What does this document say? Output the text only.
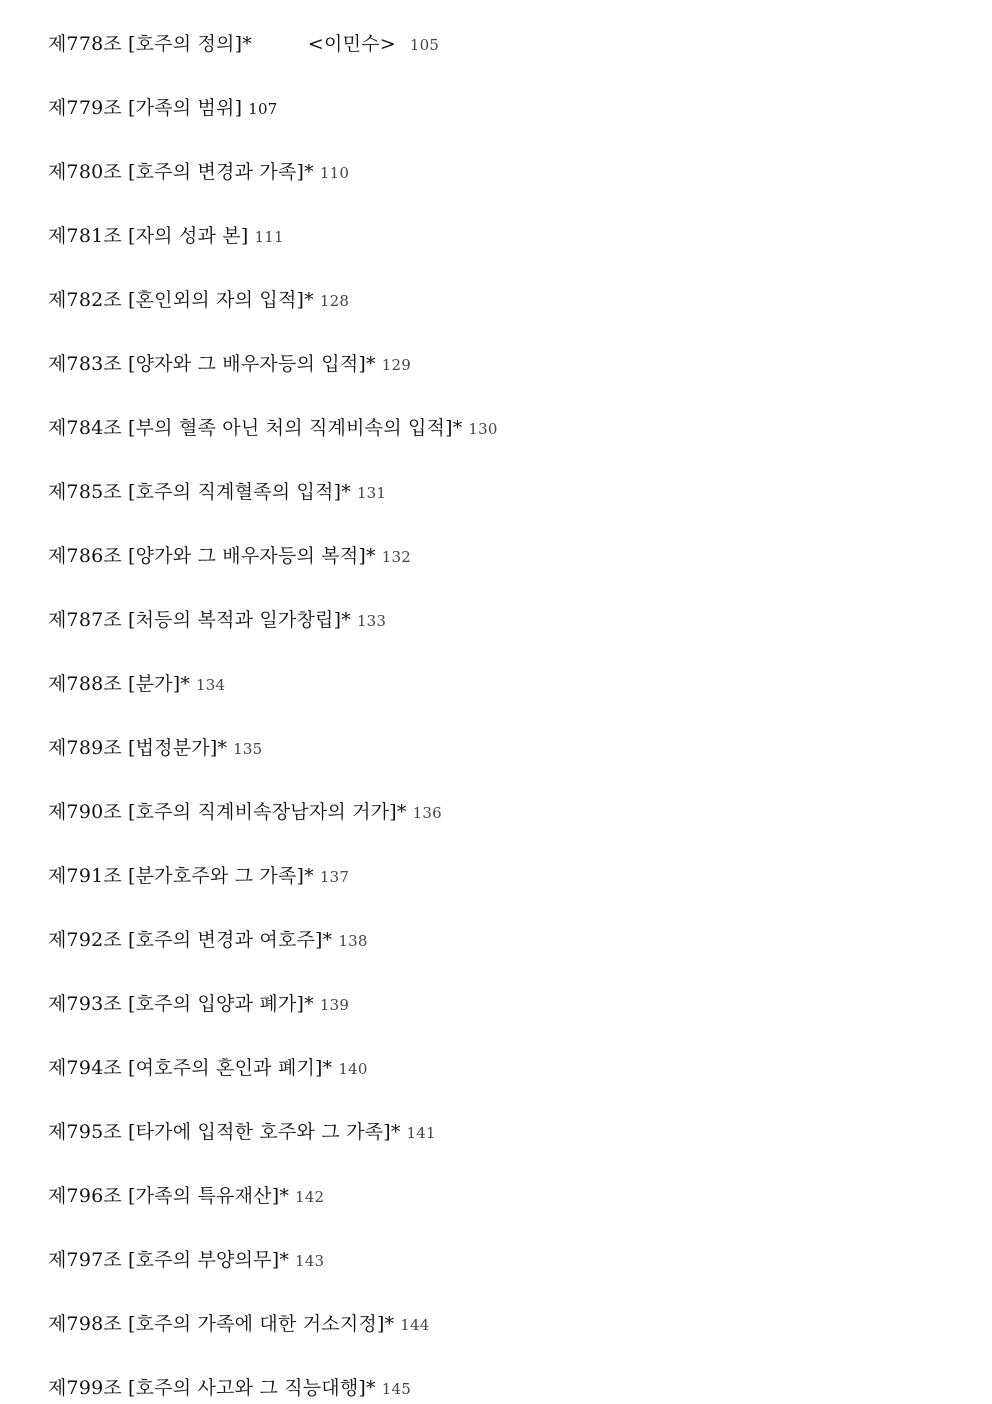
제778조 [호주의 정의]*	<이민수> 105
제779조 [가족의 범위] 107
제780조 [호주의 변경과 가족]* 110
제781조 [자의 성과 본] 111
제782조 [혼인외의 자의 입적]* 128
제783조 [양자와 그 배우자등의 입적]* 129
제784조 [부의 혈족 아닌 처의 직계비속의 입적]* 130
제785조 [호주의 직계혈족의 입적]* 131
제786조 [양가와 그 배우자등의 복적]* 132
제787조 [처등의 복적과 일가창립]* 133
제788조 [분가]* 134
제789조 [법정분가]* 135
제790조 [호주의 직계비속장남자의 거가]* 136
제791조 [분가호주와 그 가족]* 137
제792조 [호주의 변경과 여호주]* 138
제793조 [호주의 입양과 폐가]* 139
제794조 [여호주의 혼인과 폐기]* 140
제795조 [타가에 입적한 호주와 그 가족]* 141
제796조 [가족의 특유재산]* 142
제797조 [호주의 부양의무]* 143
제798조 [호주의 가족에 대한 거소지정]* 144
제799조 [호주의 사고와 그 직능대행]* 145
